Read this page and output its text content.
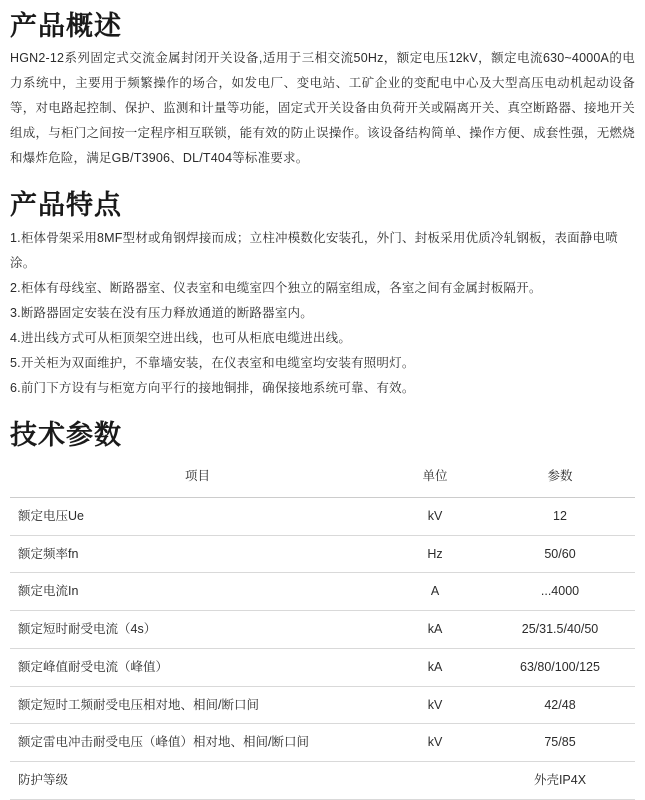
产品概述

HGN2-12系列固定式交流金属封闭开关设备,适用于三相交流50Hz，额定电压12kV，额定电流630~4000A的电力系统中，主要用于频繁操作的场合，如发电厂、变电站、工矿企业的变配电中心及大型高压电动机起动设备等，对电路起控制、保护、监测和计量等功能，固定式开关设备由负荷开关或隔离开关、真空断路器、接地开关组成，与柜门之间按一定程序相互联锁，能有效的防止误操作。该设备结构简单、操作方便、成套性强，无燃烧和爆炸危险，满足GB/T3906、DL/T404等标准要求。

产品特点
1.柜体骨架采用8MF型材或角钢焊接而成；立柱冲模数化安装孔，外门、封板采用优质冷轧钢板，表面静电喷涂。
2.柜体有母线室、断路器室、仪表室和电缆室四个独立的隔室组成，各室之间有金属封板隔开。
3.断路器固定安装在没有压力释放通道的断路器室内。
4.进出线方式可从柜顶架空进出线，也可从柜底电缆进出线。
5.开关柜为双面维护，不靠墙安装，在仪表室和电缆室均安装有照明灯。
6.前门下方设有与柜宽方向平行的接地铜排，确保接地系统可靠、有效。
技术参数
项目	单位	参数
额定电压Ue	kV	12
额定频率fn	Hz	50/60
额定电流In	A	...4000
额定短时耐受电流（4s）	kA	25/31.5/40/50
额定峰值耐受电流（峰值）	kA	63/80/100/125
额定短时工频耐受电压相对地、相间/断口间	kV	42/48
额定雷电冲击耐受电压（峰值）相对地、相间/断口间	kV	75/85
防护等级		外壳IP4X
